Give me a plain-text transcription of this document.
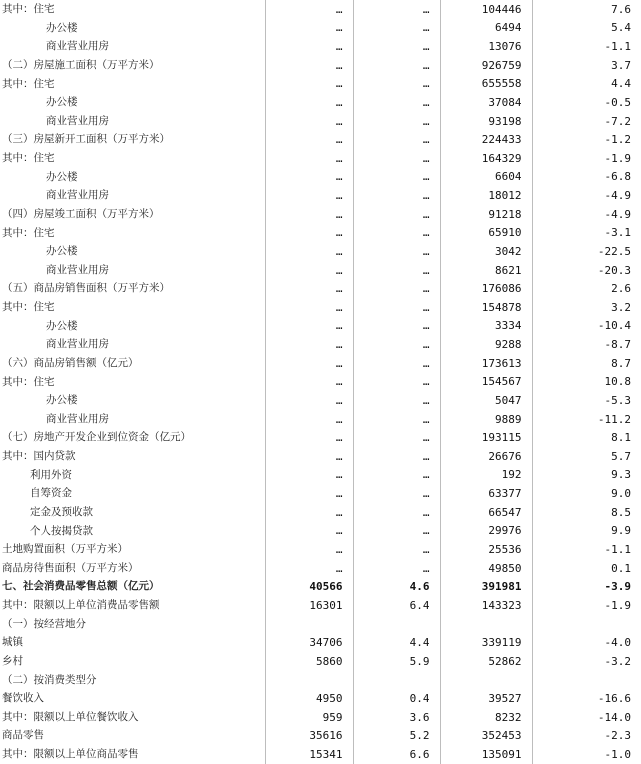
其中：住宅	…	…	104446	7.6
办公楼	…	…	6494	5.4
商业营业用房	…	…	13076	-1.1
（二）房屋施工面积（万平方米）	…	…	926759	3.7
其中：住宅	…	…	655558	4.4
办公楼	…	…	37084	-0.5
商业营业用房	…	…	93198	-7.2
（三）房屋新开工面积（万平方米）	…	…	224433	-1.2
其中：住宅	…	…	164329	-1.9
办公楼	…	…	6604	-6.8
商业营业用房	…	…	18012	-4.9
（四）房屋竣工面积（万平方米）	…	…	91218	-4.9
其中：住宅	…	…	65910	-3.1
办公楼	…	…	3042	-22.5
商业营业用房	…	…	8621	-20.3
（五）商品房销售面积（万平方米）	…	…	176086	2.6
其中：住宅	…	…	154878	3.2
办公楼	…	…	3334	-10.4
商业营业用房	…	…	9288	-8.7
（六）商品房销售额（亿元）	…	…	173613	8.7
其中：住宅	…	…	154567	10.8
办公楼	…	…	5047	-5.3
商业营业用房	…	…	9889	-11.2
（七）房地产开发企业到位资金（亿元）	…	…	193115	8.1
其中：国内贷款	…	…	26676	5.7
利用外资	…	…	192	9.3
自筹资金	…	…	63377	9.0
定金及预收款	…	…	66547	8.5
个人按揭贷款	…	…	29976	9.9
土地购置面积（万平方米）	…	…	25536	-1.1
商品房待售面积（万平方米）	…	…	49850	0.1
七、社会消费品零售总额（亿元）	40566	4.6	391981	-3.9
其中：限额以上单位消费品零售额	16301	6.4	143323	-1.9
（一）按经营地分				
城镇	34706	4.4	339119	-4.0
乡村	5860	5.9	52862	-3.2
（二）按消费类型分				
餐饮收入	4950	0.4	39527	-16.6
其中：限额以上单位餐饮收入	959	3.6	8232	-14.0
商品零售	35616	5.2	352453	-2.3
其中：限额以上单位商品零售	15341	6.6	135091	-1.0
